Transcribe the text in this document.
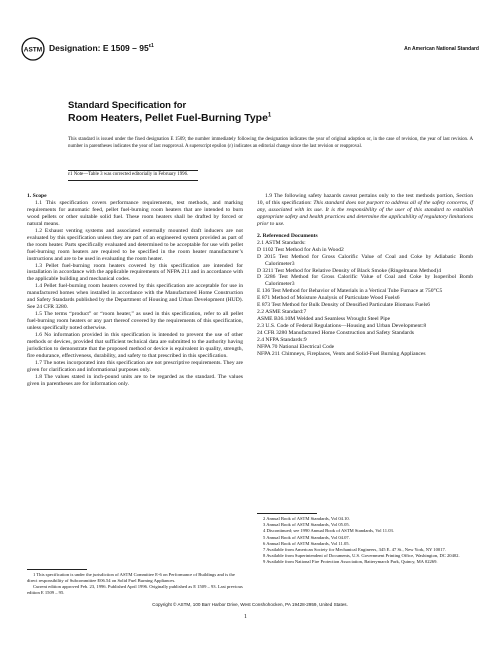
ASTM Designation: E $1509 - 95^{\varepsilon 1}$	An American National Standard
Standard Specification for
Room Heaters, Pellet Fuel-Burning Type$^1$
This standard is issued under the fixed designation E 1509; the number immediately following the designation indicates the year of original adoption or, in the case of revision, the year of last revision. A number in parentheses indicates the year of last reapproval. A superscript epsilon (ε) indicates an editorial change since the last revision or reapproval.
ε1 Note—Table 3 was corrected editorially in February 1996.

1. Scope

1.1 This specification covers performance requirements, test methods, and marking requirements for automatic feed, pellet fuel-burning room heaters that are intended to burn wood pellets or other suitable solid fuel. These room heaters shall be drafted by forced or natural means.

1.2 Exhaust venting systems and associated externally mounted draft inducers are not evaluated by this specification unless they are part of an engineered system provided as part of the room heater. Parts specifically evaluated and determined to be acceptable for use with pellet fuel-burning room heaters are required to be specified in the room heater manufacturer’s instructions and are to be used in evaluating the room heater.

1.3 Pellet fuel-burning room heaters covered by this specification are intended for installation in accordance with the applicable requirements of NFPA 211 and in accordance with the applicable building and mechanical codes.

1.4 Pellet fuel-burning room heaters covered by this specification are acceptable for use in manufactured homes when installed in accordance with the Manufactured Home Construction and Safety Standards published by the Department of Housing and Urban Development (HUD). See 24 CFR 3280.

1.5 The terms “product” or “room heater,” as used in this specification, refer to all pellet fuel-burning room heaters or any part thereof covered by the requirements of this specification, unless specifically noted otherwise.

1.6 No information provided in this specification is intended to prevent the use of other methods or devices, provided that sufficient technical data are submitted to the authority having jurisdiction to demonstrate that the proposed method or device is equivalent in quality, strength, fire endurance, effectiveness, durability, and safety to that prescribed in this specification.

1.7 The notes incorporated into this specification are not prescriptive requirements. They are given for clarification and informational purposes only.

1.8 The values stated in inch-pound units are to be regarded as the standard. The values given in parentheses are for information only.

1 This specification is under the jurisdiction of ASTM Committee E-6 on Performance of Buildings and is the direct responsibility of Subcommittee E06.54 on Solid Fuel Burning Appliances.

Current edition approved Feb. 23, 1996. Published April 1996. Originally published as E 1509 – 93. Last previous edition E 1509 – 95.

1.9 The following safety hazards caveat pertains only to the test methods portion, Section 10, of this specification: This standard does not purport to address all of the safety concerns, if any, associated with its use. It is the responsibility of the user of this standard to establish appropriate safety and health practices and determine the applicability of regulatory limitations prior to use.

2. Referenced Documents

2.1 ASTM Standards:

D 1102 Test Method for Ash in Wood2

D 2015 Test Method for Gross Calorific Value of Coal and Coke by Adiabatic Bomb Calorimeter3

D 3211 Test Method for Relative Density of Black Smoke (Ringelmann Method)4

D 3286 Test Method for Gross Calorific Value of Coal and Coke by Isoperibol Bomb Calorimeter3

E 136 Test Method for Behavior of Materials in a Vertical Tube Furnace at 750°C5

E 871 Method of Moisture Analysis of Particulate Wood Fuels6

E 873 Test Method for Bulk Density of Densified Particulate Biomass Fuels6

2.2 ASME Standard:7

ASME B36.10M Welded and Seamless Wrought Steel Pipe

2.3 U.S. Code of Federal Regulations—Housing and Urban Development:8

24 CFR 3280 Manufactured Home Construction and Safety Standards

2.4 NFPA Standards:9

NFPA 70 National Electrical Code

NFPA 211 Chimneys, Fireplaces, Vents and Solid-Fuel Burning Appliances

2 Annual Book of ASTM Standards, Vol 04.10.

3 Annual Book of ASTM Standards, Vol 05.05.

4 Discontinued; see 1990 Annual Book of ASTM Standards, Vol 11.03.

5 Annual Book of ASTM Standards, Vol 04.07.

6 Annual Book of ASTM Standards, Vol 11.05.

7 Available from American Society for Mechanical Engineers, 345 E. 47 St., New York, NY 10017.

8 Available from Superintendent of Documents, U.S. Government Printing Office, Washington, DC 20402.

9 Available from National Fire Protection Association, Batterymarch Park, Quincy, MA 02269.

Copyright © ASTM, 100 Barr Harbor Drive, West Conshohocken, PA 19428-2959, United States.
1
